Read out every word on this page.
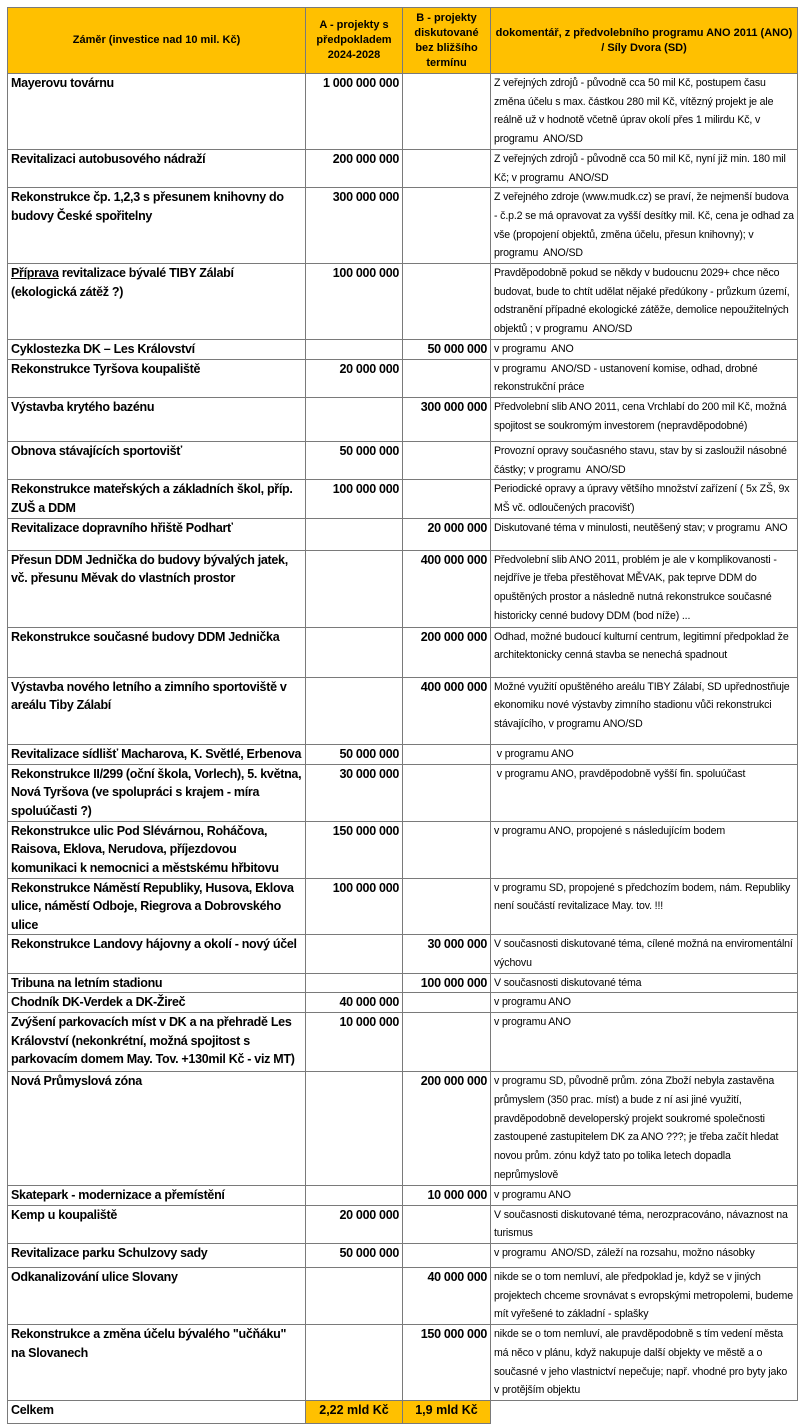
Záměr (investice nad 10 mil. Kč)	A - projekty s předpokladem 2024-2028	B - projekty diskutované bez bližšího termínu	dokomentář, z předvolebního programu ANO 2011 (ANO) / Síly Dvora (SD)
Mayerovu továrnu	1 000 000 000		Z veřejných zdrojů - původně cca 50 mil Kč, postupem času změna účelu s max. částkou 280 mil Kč, vítězný projekt je ale reálně už v hodnotě včetně úprav okolí přes 1 milirdu Kč, v programu  ANO/SD
Revitalizaci autobusového nádraží	200 000 000		Z veřejných zdrojů - původně cca 50 mil Kč, nyní již min. 180 mil Kč; v programu  ANO/SD
Rekonstrukce čp. 1,2,3 s přesunem knihovny do budovy České spořitelny	300 000 000		Z veřejného zdroje (www.mudk.cz) se praví, že nejmenší budova - č.p.2 se má opravovat za vyšší desítky mil. Kč, cena je odhad za vše (propojení objektů, změna účelu, přesun knihovny); v programu  ANO/SD
Příprava revitalizace bývalé TIBY Zálabí (ekologická zátěž ?)	100 000 000		Pravděpodobně pokud se někdy v budoucnu 2029+ chce něco budovat, bude to chtít udělat nějaké předúkony - průzkum území, odstranění případné ekologické zátěže, demolice nepoužitelných objektů ; v programu  ANO/SD
Cyklostezka DK – Les Království		50 000 000	v programu  ANO
Rekonstrukce Tyršova koupaliště	20 000 000		v programu  ANO/SD - ustanovení komise, odhad, drobné rekonstrukční práce
Výstavba krytého bazénu		300 000 000	Předvolební slib ANO 2011, cena Vrchlabí do 200 mil Kč, možná spojitost se soukromým investorem (nepravděpodobné)
Obnova stávajících sportovišť	50 000 000		Provozní opravy současného stavu, stav by si zasloužil násobné částky; v programu  ANO/SD
Rekonstrukce mateřských a základních škol, příp. ZUŠ a DDM	100 000 000		Periodické opravy a úpravy většího množství zařízení ( 5x ZŠ, 9x MŠ vč. odloučených pracovišť)
Revitalizace dopravního hřiště Podharť		20 000 000	Diskutované téma v minulosti, neutěšený stav; v programu  ANO
Přesun DDM Jednička do budovy bývalých jatek, vč. přesunu Měvak do vlastních prostor		400 000 000	Předvolební slib ANO 2011, problém je ale v komplikovanosti - nejdříve je třeba přestěhovat MĚVAK, pak teprve DDM do opuštěných prostor a následně nutná rekonstrukce současné historicky cenné budovy DDM (bod níže) ...
Rekonstrukce současné budovy DDM Jednička		200 000 000	Odhad, možné budoucí kulturní centrum, legitimní předpoklad že architektonicky cenná stavba se nenechá spadnout
Výstavba nového letního a zimního sportoviště v areálu Tiby Zálabí		400 000 000	Možné využití opuštěného areálu TIBY Zálabí, SD upřednostňuje ekonomiku nové výstavby zimního stadionu vůči rekonstrukci stávajícího, v programu ANO/SD
Revitalizace sídlišť Macharova, K. Světlé, Erbenova	50 000 000		v programu ANO
Rekonstrukce II/299 (oční škola, Vorlech), 5. května, Nová Tyršova (ve spolupráci s krajem - míra spoluúčasti ?)	30 000 000		v programu ANO, pravděpodobně vyšší fin. spoluúčast
Rekonstrukce ulic Pod Slévárnou, Roháčova, Raisova, Eklova, Nerudova, příjezdovou komunikaci k nemocnici a městskému hřbitovu	150 000 000		v programu ANO, propojené s následujícím bodem
Rekonstrukce Náměstí Republiky, Husova, Eklova ulice, náměstí Odboje, Riegrova a Dobrovského ulice	100 000 000		v programu SD, propojené s předchozím bodem, nám. Republiky není součástí revitalizace May. tov. !!!
Rekonstrukce Landovy hájovny a okolí - nový účel		30 000 000	V současnosti diskutované téma, cílené možná na enviromentální výchovu
Tribuna na letním stadionu		100 000 000	V současnosti diskutované téma
Chodník DK-Verdek a DK-Žireč	40 000 000		v programu ANO
Zvýšení parkovacích míst v DK a na přehradě Les Království (nekonkrétní, možná spojitost s parkovacím domem May. Tov. +130mil Kč - viz MT)	10 000 000		v programu ANO
Nová Průmyslová zóna		200 000 000	v programu SD, původně prům. zóna Zboží nebyla zastavěna průmyslem (350 prac. míst) a bude z ní asi jiné využití, pravděpodobně developerský projekt soukromé společnosti zastoupené zastupitelem DK za ANO ???; je třeba začít hledat novou prům. zónu když tato po tolika letech dopadla neprůmyslově
Skatepark - modernizace a přemístění		10 000 000	v programu ANO
Kemp u koupaliště	20 000 000		V současnosti diskutované téma, nerozpracováno, návaznost na turismus
Revitalizace parku Schulzovy sady	50 000 000		v programu  ANO/SD, záleží na rozsahu, možno násobky
Odkanalizování ulice Slovany		40 000 000	nikde se o tom nemluví, ale předpoklad je, když se v jiných projektech chceme srovnávat s evropskými metropolemi, budeme mít vyřešené to základní - splašky
Rekonstrukce a změna účelu bývalého "učňáku" na Slovanech		150 000 000	nikde se o tom nemluví, ale pravděpodobně s tím vedení města má něco v plánu, když nakupuje další objekty ve městě a o současné v jeho vlastnictví nepečuje; např. vhodné pro byty jako v protějším objektu
Celkem	2,22 mld Kč	1,9 mld Kč	
